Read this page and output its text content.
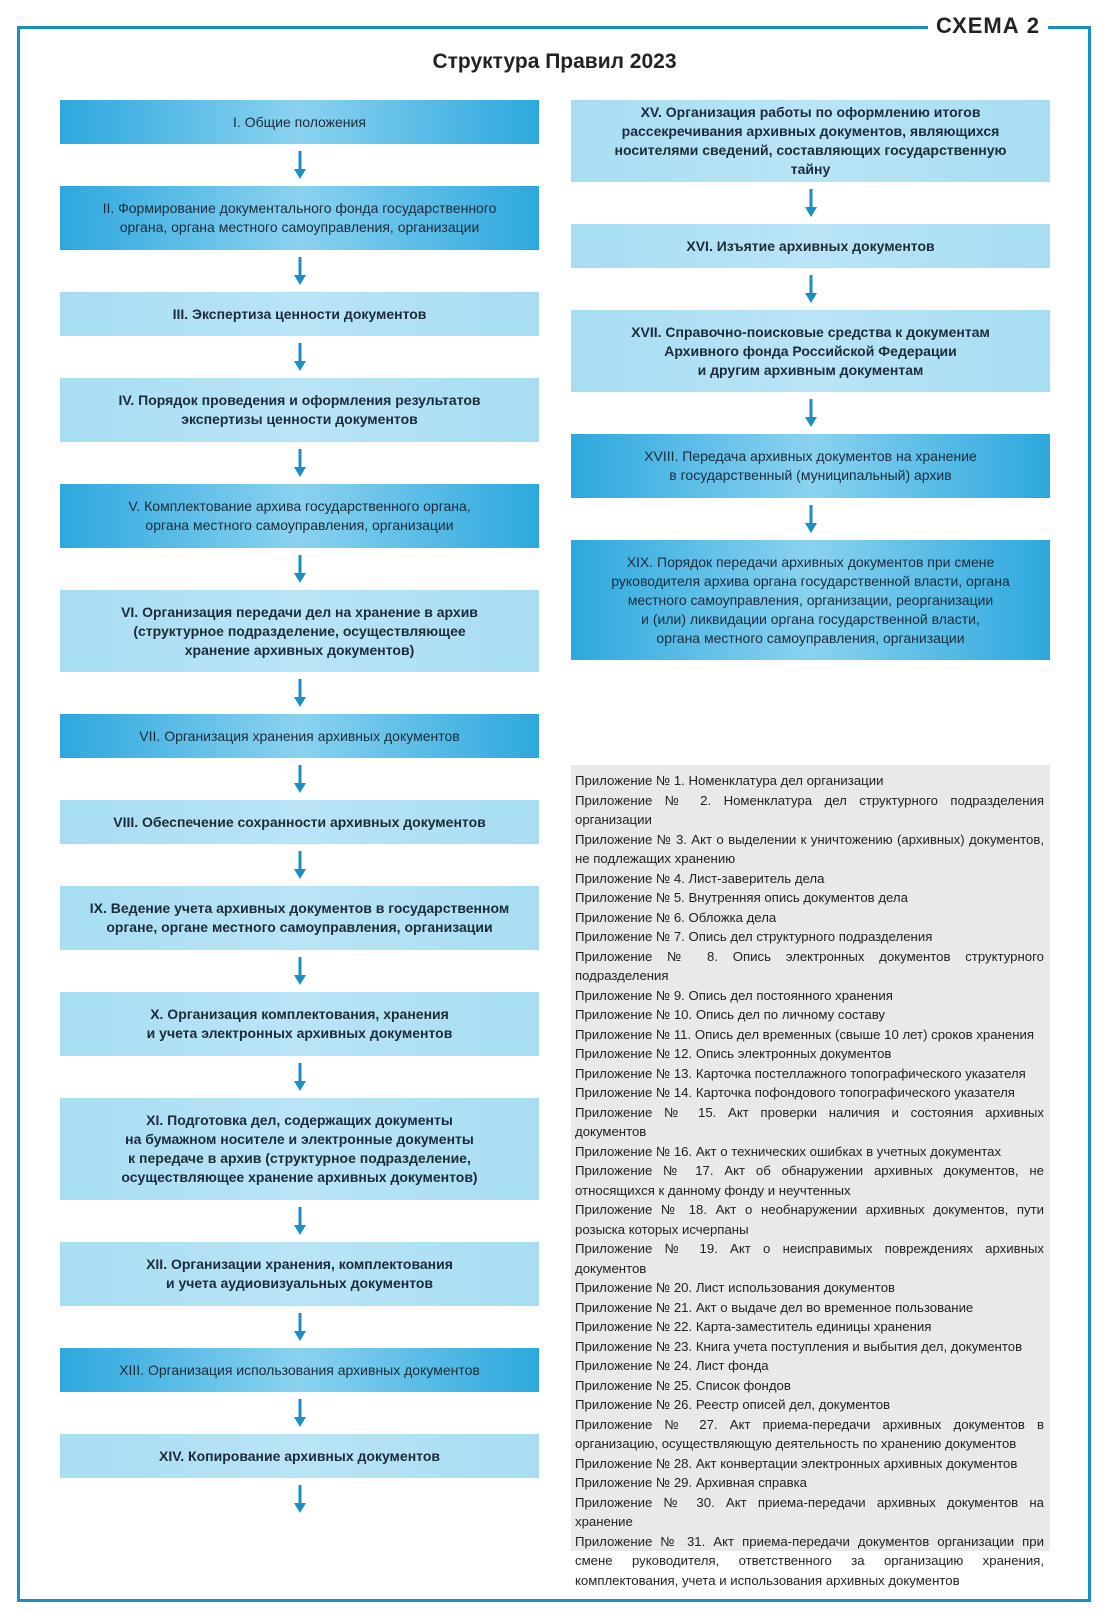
СХЕМА 2
Структура Правил 2023
I. Общие положения
II. Формирование документального фонда государственного
органа, органа местного самоуправления, организации
III. Экспертиза ценности документов
IV. Порядок проведения и оформления результатов
экспертизы ценности документов
V. Комплектование архива государственного органа,
органа местного самоуправления, организации
VI. Организация передачи дел на хранение в архив
(структурное подразделение, осуществляющее
хранение архивных документов)
VII. Организация хранения архивных документов
VIII. Обеспечение сохранности архивных документов
IX. Ведение учета архивных документов в государственном
органе, органе местного самоуправления, организации
X. Организация комплектования, хранения
и учета электронных архивных документов
XI. Подготовка дел, содержащих документы
на бумажном носителе и электронные документы
к передаче в архив (структурное подразделение,
осуществляющее хранение архивных документов)
XII. Организации хранения, комплектования
и учета аудиовизуальных документов
XIII. Организация использования архивных документов
XIV. Копирование архивных документов
XV. Организация работы по оформлению итогов
рассекречивания архивных документов, являющихся
носителями сведений, составляющих государственную тайну
XVI. Изъятие архивных документов
XVII. Справочно-поисковые средства к документам
Архивного фонда Российской Федерации
и другим архивным документам
XVIII. Передача архивных документов на хранение
в государственный (муниципальный) архив
XIX. Порядок передачи архивных документов при смене
руководителя архива органа государственной власти, органа
местного самоуправления, организации, реорганизации
и (или) ликвидации органа государственной власти,
органа местного самоуправления, организации
Приложение № 1. Номенклатура дел организации
Приложение № 2. Номенклатура дел структурного подразделения организации
Приложение № 3. Акт о выделении к уничтожению (архивных) документов, не подлежащих хранению
Приложение № 4. Лист-заверитель дела
Приложение № 5. Внутренняя опись документов дела
Приложение № 6. Обложка дела
Приложение № 7. Опись дел структурного подразделения
Приложение № 8. Опись электронных документов структурного подразделения
Приложение № 9. Опись дел постоянного хранения
Приложение № 10. Опись дел по личному составу
Приложение № 11. Опись дел временных (свыше 10 лет) сроков хранения
Приложение № 12. Опись электронных документов
Приложение № 13. Карточка постеллажного топографического указателя
Приложение № 14. Карточка пофондового топографического указателя
Приложение № 15. Акт проверки наличия и состояния архивных документов
Приложение № 16. Акт о технических ошибках в учетных документах
Приложение № 17. Акт об обнаружении архивных документов, не относящихся к данному фонду и неучтенных
Приложение № 18. Акт о необнаружении архивных документов, пути розыска которых исчерпаны
Приложение № 19. Акт о неисправимых повреждениях архивных документов
Приложение № 20. Лист использования документов
Приложение № 21. Акт о выдаче дел во временное пользование
Приложение № 22. Карта-заместитель единицы хранения
Приложение № 23. Книга учета поступления и выбытия дел, документов
Приложение № 24. Лист фонда
Приложение № 25. Список фондов
Приложение № 26. Реестр описей дел, документов
Приложение № 27. Акт приема-передачи архивных документов в организацию, осуществляющую деятельность по хранению документов
Приложение № 28. Акт конвертации электронных архивных документов
Приложение № 29. Архивная справка
Приложение № 30. Акт приема-передачи архивных документов на хранение
Приложение № 31. Акт приема-передачи документов организации при смене руководителя, ответственного за организацию хранения, комплектования, учета и использования архивных документов
